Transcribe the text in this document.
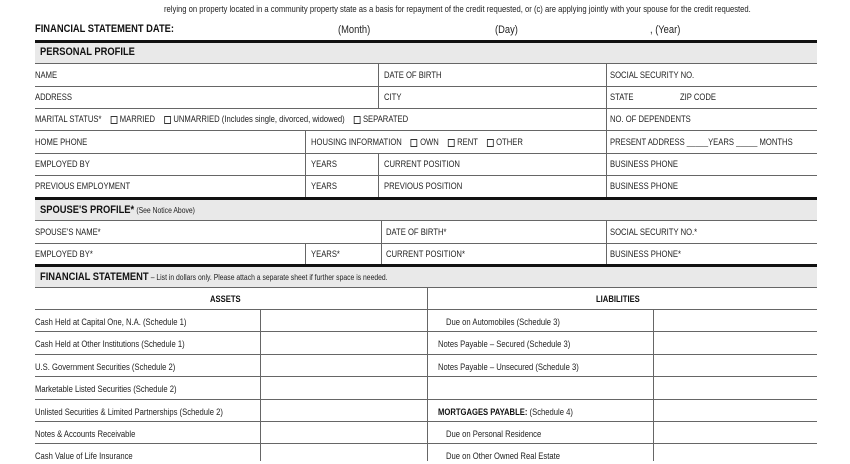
relying on property located in a community property state as a basis for repayment of the credit requested, or (c) are applying jointly with your spouse for the credit requested.
FINANCIAL STATEMENT DATE:	(Month)	(Day)	, (Year)
PERSONAL PROFILE
NAME	DATE OF BIRTH	SOCIAL SECURITY NO.
ADDRESS	CITY	STATE	ZIP CODE
MARITAL STATUS* MARRIED UNMARRIED (Includes single, divorced, widowed) SEPARATED	NO. OF DEPENDENTS
HOME PHONE	HOUSING INFORMATION OWN RENT OTHER	PRESENT ADDRESS _____YEARS _____ MONTHS
EMPLOYED BY	YEARS	CURRENT POSITION	BUSINESS PHONE
PREVIOUS EMPLOYMENT	YEARS	PREVIOUS POSITION	BUSINESS PHONE
SPOUSE'S PROFILE* (See Notice Above)
SPOUSE'S NAME*	DATE OF BIRTH*	SOCIAL SECURITY NO.*
EMPLOYED BY*	YEARS*	CURRENT POSITION*	BUSINESS PHONE*
FINANCIAL STATEMENT – List in dollars only. Please attach a separate sheet if further space is needed.
ASSETS	LIABILITIES
Cash Held at Capital One, N.A. (Schedule 1)	Due on Automobiles (Schedule 3)
Cash Held at Other Institutions (Schedule 1)	Notes Payable – Secured (Schedule 3)
U.S. Government Securities (Schedule 2)	Notes Payable – Unsecured (Schedule 3)
Marketable Listed Securities (Schedule 2)
Unlisted Securities & Limited Partnerships (Schedule 2)	MORTGAGES PAYABLE: (Schedule 4)
Notes & Accounts Receivable	Due on Personal Residence
Cash Value of Life Insurance	Due on Other Owned Real Estate
